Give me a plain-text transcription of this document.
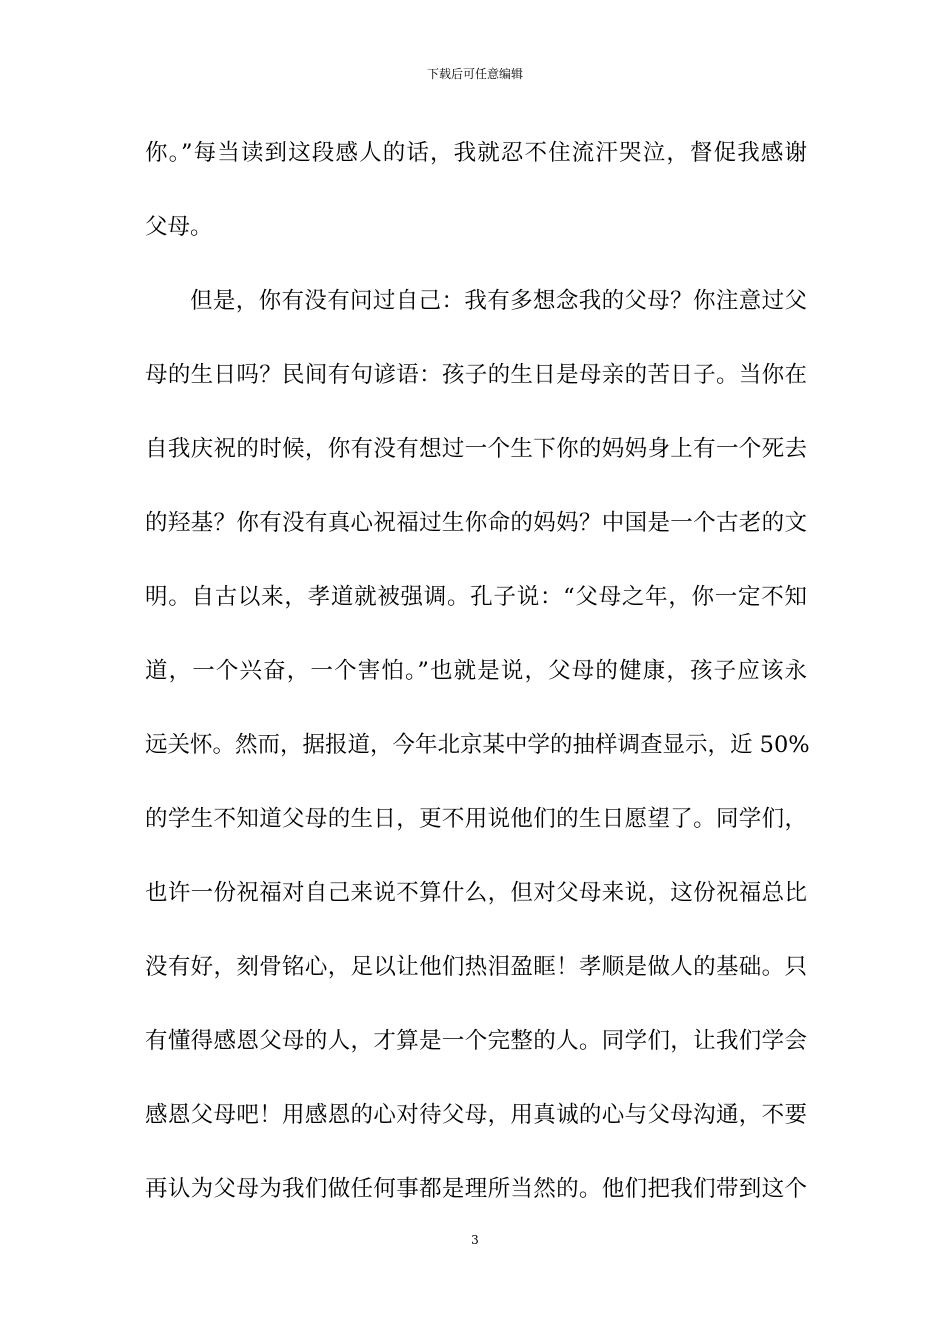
下载后可任意编辑
你。”每当读到这段感人的话，我就忍不住流汗哭泣，督促我感谢
父母。
但是，你有没有问过自己：我有多想念我的父母？你注意过父
母的生日吗？民间有句谚语：孩子的生日是母亲的苦日子。当你在
自我庆祝的时候，你有没有想过一个生下你的妈妈身上有一个死去
的羟基？你有没有真心祝福过生你命的妈妈？中国是一个古老的文
明。自古以来，孝道就被强调。孔子说：“父母之年，你一定不知
道，一个兴奋，一个害怕。”也就是说，父母的健康，孩子应该永
远关怀。然而，据报道，今年北京某中学的抽样调查显示，近 50%
的学生不知道父母的生日，更不用说他们的生日愿望了。同学们，
也许一份祝福对自己来说不算什么，但对父母来说，这份祝福总比
没有好，刻骨铭心，足以让他们热泪盈眶！孝顺是做人的基础。只
有懂得感恩父母的人，才算是一个完整的人。同学们，让我们学会
感恩父母吧！用感恩的心对待父母，用真诚的心与父母沟通，不要
再认为父母为我们做任何事都是理所当然的。他们把我们带到这个
3
